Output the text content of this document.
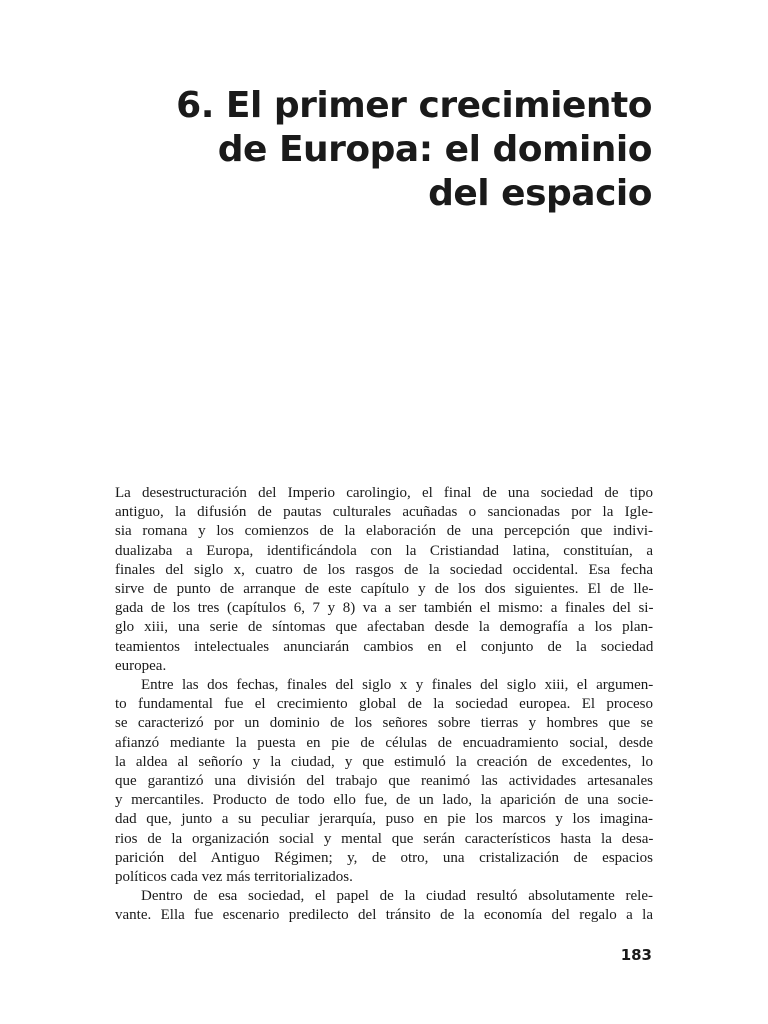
6. El primer crecimiento
de Europa: el dominio
del espacio
La desestructuración del Imperio carolingio, el final de una sociedad de tipo
antiguo, la difusión de pautas culturales acuñadas o sancionadas por la Igle-
sia romana y los comienzos de la elaboración de una percepción que indivi-
dualizaba a Europa, identificándola con la Cristiandad latina, constituían, a
finales del siglo x, cuatro de los rasgos de la sociedad occidental. Esa fecha
sirve de punto de arranque de este capítulo y de los dos siguientes. El de lle-
gada de los tres (capítulos 6, 7 y 8) va a ser también el mismo: a finales del si-
glo xiii, una serie de síntomas que afectaban desde la demografía a los plan-
teamientos intelectuales anunciarán cambios en el conjunto de la sociedad
europea.
Entre las dos fechas, finales del siglo x y finales del siglo xiii, el argumen-
to fundamental fue el crecimiento global de la sociedad europea. El proceso
se caracterizó por un dominio de los señores sobre tierras y hombres que se
afianzó mediante la puesta en pie de células de encuadramiento social, desde
la aldea al señorío y la ciudad, y que estimuló la creación de excedentes, lo
que garantizó una división del trabajo que reanimó las actividades artesanales
y mercantiles. Producto de todo ello fue, de un lado, la aparición de una socie-
dad que, junto a su peculiar jerarquía, puso en pie los marcos y los imagina-
rios de la organización social y mental que serán característicos hasta la desa-
parición del Antiguo Régimen; y, de otro, una cristalización de espacios
políticos cada vez más territorializados.
Dentro de esa sociedad, el papel de la ciudad resultó absolutamente rele-
vante. Ella fue escenario predilecto del tránsito de la economía del regalo a la
183
